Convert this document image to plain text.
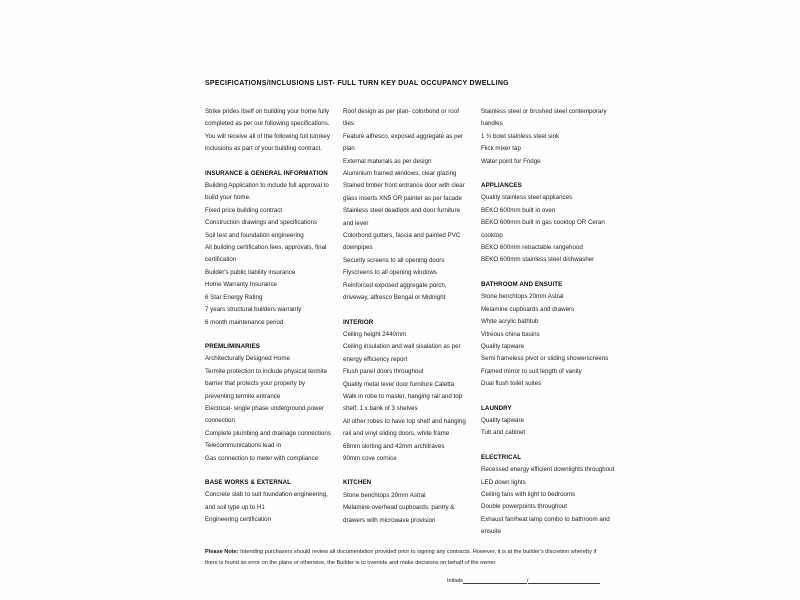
SPECIFICATIONS/INCLUSIONS LIST- FULL TURN KEY DUAL OCCUPANCY DWELLING

Strike prides itself on building your home fully completed as per our following specifications. You will receive all of the following full turnkey inclusions as part of your building contract.

INSURANCE & GENERAL INFORMATION

Building Application to include full approval to build your home.

Fixed price building contract

Construction drawings and specifications

Soil test and foundation engineering

All building certification fees, approvals, final certification

Builder's public liability insurance

Home Warranty Insurance

6 Star Energy Rating

7 years structural builders warranty

6 month maintenance period

PREMLIMINARIES

Architecturally Designed Home

Termite protection to include physical termite barrier that protects your property by preventing termite entrance

Electrical- single phase underground power connection

Complete plumbing and drainage connections

Telecommunications lead in

Gas connection to meter with compliance

BASE WORKS & EXTERNAL

Concrete slab to suit foundation engineering, and soil type up to H1

Engineering certification

Roof design as per plan- colorbond or roof tiles

Feature alfresco, exposed aggregate as per plan

External materials as per design

Aluminium framed windows, clear glazing

Stained timber front entrance door with clear glass inserts XN5 OR painter as per facade

Stainless steel deadlock and door furniture and lever

Colorbond gutters, fascia and painted PVC downpipes

Security screens to all opening doors

Flyscreens to all opening windows

Reinforced exposed aggregate porch, driveway, alfresco Bengal or Midnight

INTERIOR

Ceiling height 2440mm

Ceiling insulation and wall sisalation as per energy efficiency report

Flush panel doors throughout

Quality metal lever door furniture Caletta

Walk in robe to master, hanging rail and top shelf, 1 x bank of 3 shelves

All other robes to have top shelf and hanging rail and vinyl sliding doors, white frame

68mm skirting and 42mm architraves

90mm cove cornice

KITCHEN

Stone benchtops 20mm Astral

Melamine overhead cupboards, pantry & drawers with microwave provision

Stainless steel or brushed steel contemporary handles

1 ¾ bowl stainless steel sink

Flick mixer tap

Water point for Fridge

APPLIANCES

Quality stainless steel appliances

BEKO 600mm built in oven

BEKO 600mm built in gas cooktop OR Ceran cooktop

BEKO 600mm retractable rangehood

BEKO 600mm stainless steel dishwasher

BATHROOM AND ENSUITE

Stone benchtops 20mm Astral

Melamine cupboards and drawers

White acrylic bathtub

Vitreous china basins

Quality tapware

Semi frameless pivot or sliding showerscreens

Framed mirror to suit length of vanity

Dual flush toilet suites

LAUNDRY

Quality tapware

Tub and cabinet

ELECTRICAL

Recessed energy efficient downlights throughout

LED down lights

Ceiling fans with light to bedrooms

Double powerpoints throughout

Exhaust fan/heat lamp combo to bathroom and ensuite

Please Note: Intending purchasers should review all documentation provided prior to signing any contracts. However, it is at the builder's discretion whereby if there is found an error on the plans or otherwise, the Builder is to override and make decisions on behalf of the owner.
Initials	/
